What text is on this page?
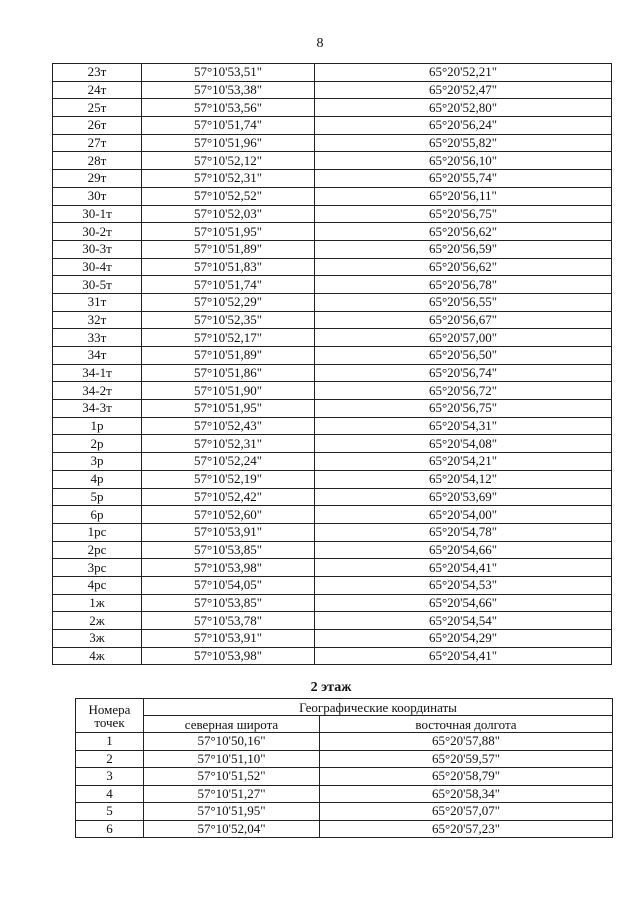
8
23т	57°10'53,51"	65°20'52,21"
24т	57°10'53,38"	65°20'52,47"
25т	57°10'53,56"	65°20'52,80"
26т	57°10'51,74"	65°20'56,24"
27т	57°10'51,96"	65°20'55,82"
28т	57°10'52,12"	65°20'56,10"
29т	57°10'52,31"	65°20'55,74"
30т	57°10'52,52"	65°20'56,11"
30-1т	57°10'52,03"	65°20'56,75"
30-2т	57°10'51,95"	65°20'56,62"
30-3т	57°10'51,89"	65°20'56,59"
30-4т	57°10'51,83"	65°20'56,62"
30-5т	57°10'51,74"	65°20'56,78"
31т	57°10'52,29"	65°20'56,55"
32т	57°10'52,35"	65°20'56,67"
33т	57°10'52,17"	65°20'57,00"
34т	57°10'51,89"	65°20'56,50"
34-1т	57°10'51,86"	65°20'56,74"
34-2т	57°10'51,90"	65°20'56,72"
34-3т	57°10'51,95"	65°20'56,75"
1р	57°10'52,43"	65°20'54,31"
2р	57°10'52,31"	65°20'54,08"
3р	57°10'52,24"	65°20'54,21"
4р	57°10'52,19"	65°20'54,12"
5р	57°10'52,42"	65°20'53,69"
6р	57°10'52,60"	65°20'54,00"
1рс	57°10'53,91"	65°20'54,78"
2рс	57°10'53,85"	65°20'54,66"
3рс	57°10'53,98"	65°20'54,41"
4рс	57°10'54,05"	65°20'54,53"
1ж	57°10'53,85"	65°20'54,66"
2ж	57°10'53,78"	65°20'54,54"
3ж	57°10'53,91"	65°20'54,29"
4ж	57°10'53,98"	65°20'54,41"
2 этаж
Номера точек	Географические координаты	
	северная широта	восточная долгота
1	57°10'50,16"	65°20'57,88"
2	57°10'51,10"	65°20'59,57"
3	57°10'51,52"	65°20'58,79"
4	57°10'51,27"	65°20'58,34"
5	57°10'51,95"	65°20'57,07"
6	57°10'52,04"	65°20'57,23"
